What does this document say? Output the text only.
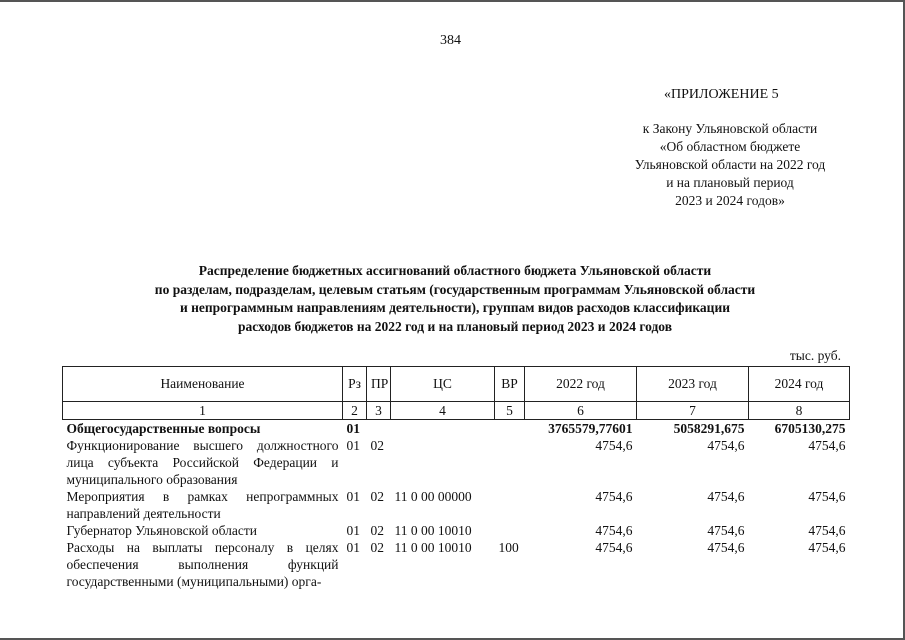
384
«ПРИЛОЖЕНИЕ 5
к Закону Ульяновской области
«Об областном бюджете
Ульяновской области на 2022 год
и на плановый период
2023 и 2024 годов»
Распределение бюджетных ассигнований областного бюджета Ульяновской области
по разделам, подразделам, целевым статьям (государственным программам Ульяновской области
и непрограммным направлениям деятельности), группам видов расходов классификации
расходов бюджетов на 2022 год и на плановый период 2023 и 2024 годов
тыс. руб.
Наименование	Рз	ПР	ЦС	ВР	2022 год	2023 год	2024 год
1	2	3	4	5	6	7	8
Общегосударственные вопросы	01				3765579,77601	5058291,675	6705130,275
Функционирование высшего должностного лица субъекта Российской Федерации и муниципального образования	01	02			4754,6	4754,6	4754,6
Мероприятия в рамках непрограммных направлений деятельности	01	02	11 0 00 00000		4754,6	4754,6	4754,6
Губернатор Ульяновской области	01	02	11 0 00 10010		4754,6	4754,6	4754,6
Расходы на выплаты персоналу в целях обеспечения выполнения функций государственными (муниципальными) орга-	01	02	11 0 00 10010	100	4754,6	4754,6	4754,6
